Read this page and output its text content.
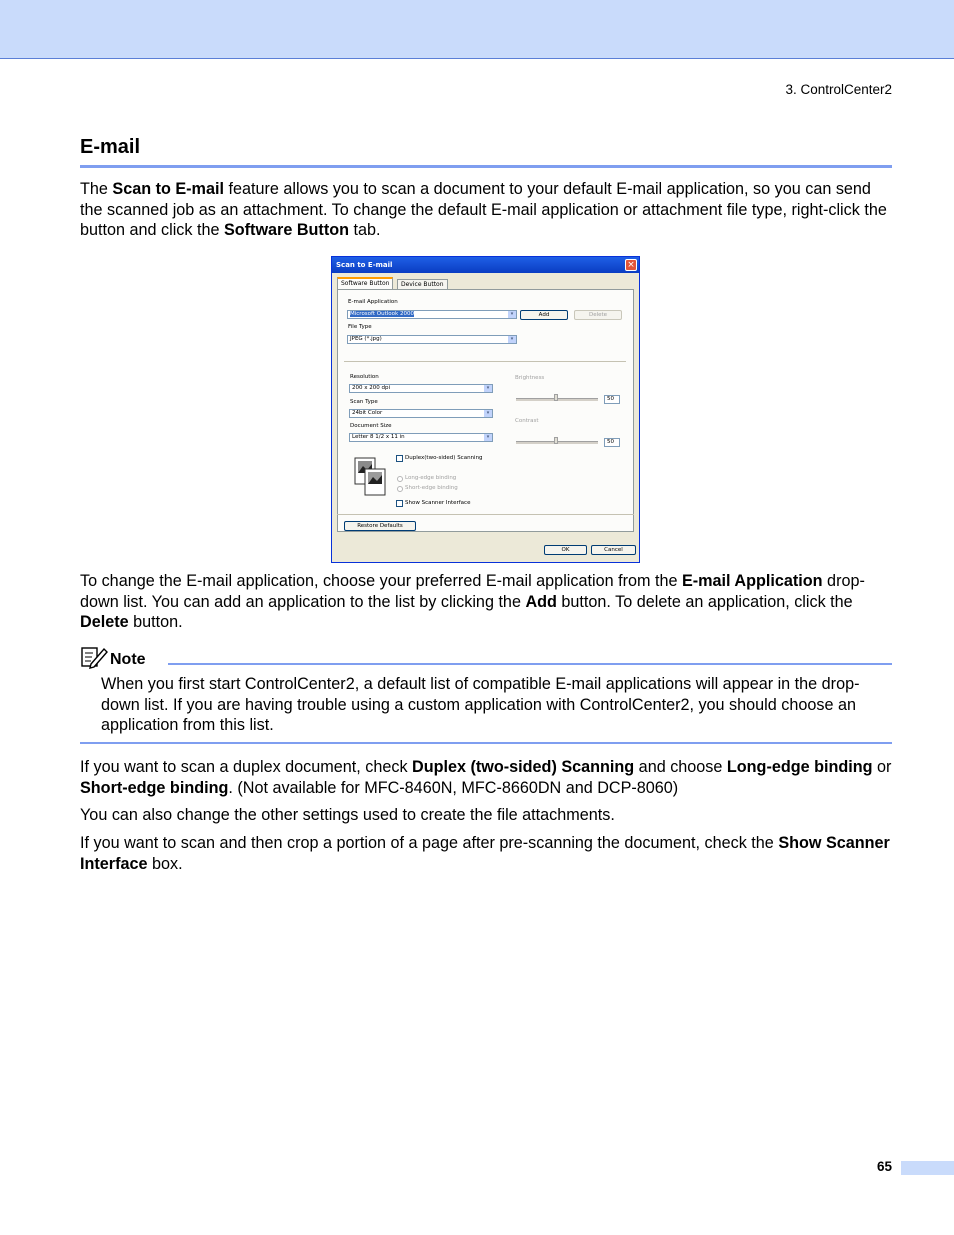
3. ControlCenter2
E-mail
The Scan to E-mail feature allows you to scan a document to your default E-mail application, so you can send the scanned job as an attachment. To change the default E-mail application or attachment file type, right-click the button and click the Software Button tab.
Scan to E-mail	×
Software Button	Device Button
E-mail Application
Microsoft Outlook 2000	▾	Add	Delete
File Type
JPEG (*.jpg)	▾
Resolution
200 x 200 dpi	▾
Scan Type
24bit Color	▾
Document Size
Letter 8 1/2 x 11 in	▾
Brightness
50
Contrast
50
Duplex(two-sided) Scanning
Long-edge binding
Short-edge binding
Show Scanner Interface
Restore Defaults
OK	Cancel
To change the E-mail application, choose your preferred E-mail application from the E-mail Application drop-down list. You can add an application to the list by clicking the Add button. To delete an application, click the Delete button.
Note
When you first start ControlCenter2, a default list of compatible E-mail applications will appear in the drop-down list. If you are having trouble using a custom application with ControlCenter2, you should choose an application from this list.
If you want to scan a duplex document, check Duplex (two-sided) Scanning and choose Long-edge binding or Short-edge binding. (Not available for MFC-8460N, MFC-8660DN and DCP-8060)
You can also change the other settings used to create the file attachments.
If you want to scan and then crop a portion of a page after pre-scanning the document, check the Show Scanner Interface box.
65
